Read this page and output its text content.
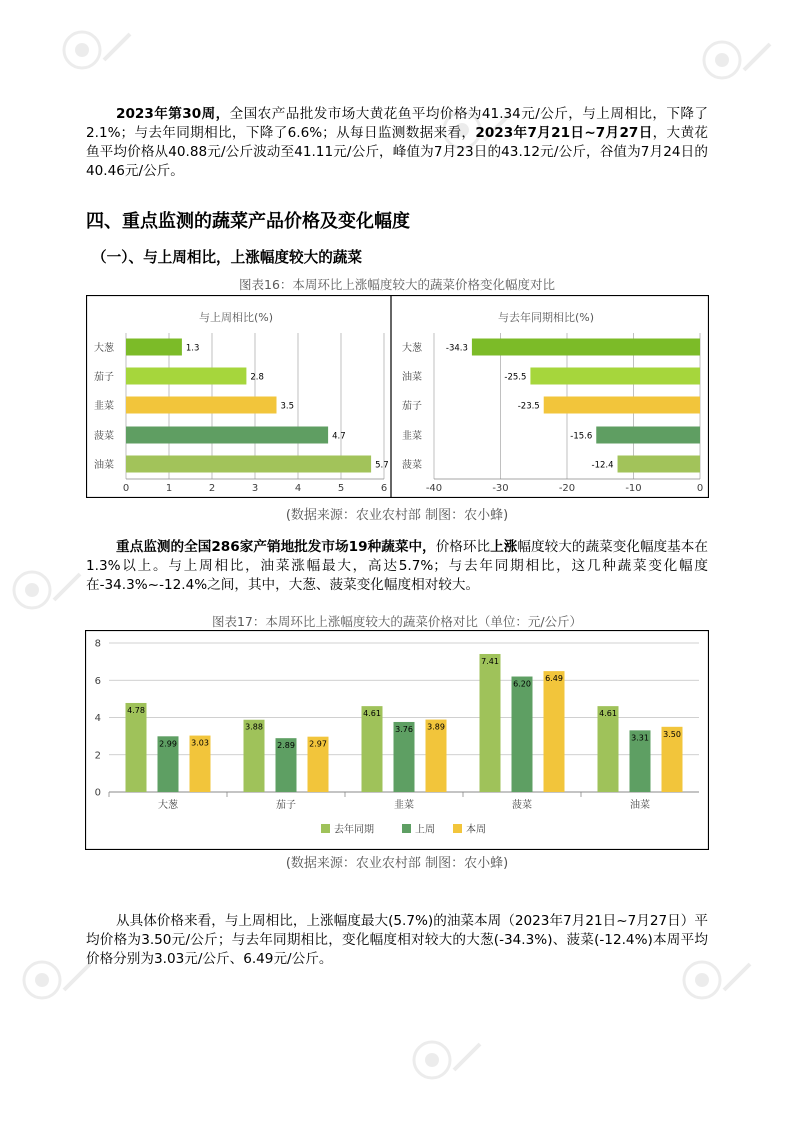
2023年第30周，全国农产品批发市场大黄花鱼平均价格为41.34元/公斤，与上周相比，下降了2.1%；与去年同期相比，下降了6.6%；从每日监测数据来看，2023年7月21日~7月27日，大黄花鱼平均价格从40.88元/公斤波动至41.11元/公斤，峰值为7月23日的43.12元/公斤，谷值为7月24日的40.46元/公斤。

四、重点监测的蔬菜产品价格及变化幅度
（一）、与上周相比，上涨幅度较大的蔬菜
图表16：本周环比上涨幅度较大的蔬菜价格变化幅度对比
与上周相比(%)
0	1	2	3	4	5	6
大葱	1.3
茄子	2.8
韭菜	3.5
菠菜	4.7
油菜	5.7
与去年同期相比(%)
-40	-30	-20	-10	0
大葱	-34.3
油菜	-25.5
茄子	-23.5
韭菜	-15.6
菠菜	-12.4
(数据来源：农业农村部 制图：农小蜂)

重点监测的全国286家产销地批发市场19种蔬菜中，价格环比上涨幅度较大的蔬菜变化幅度基本在1.3%以上。与上周相比，油菜涨幅最大，高达5.7%；与去年同期相比，这几种蔬菜变化幅度在-34.3%~-12.4%之间，其中，大葱、菠菜变化幅度相对较大。

图表17：本周环比上涨幅度较大的蔬菜价格对比（单位：元/公斤）
0
2
4
6
8
大葱
4.78
2.99 3.03
茄子
3.88
2.89 2.97
韭菜
4.61
3.76 3.89
菠菜
7.41
6.20
6.49
油菜
4.61
3.31 3.50
去年同期	上周	本周
(数据来源：农业农村部 制图：农小蜂)

从具体价格来看，与上周相比，上涨幅度最大(5.7%)的油菜本周（2023年7月21日~7月27日）平均价格为3.50元/公斤；与去年同期相比，变化幅度相对较大的大葱(-34.3%)、菠菜(-12.4%)本周平均价格分别为3.03元/公斤、6.49元/公斤。
